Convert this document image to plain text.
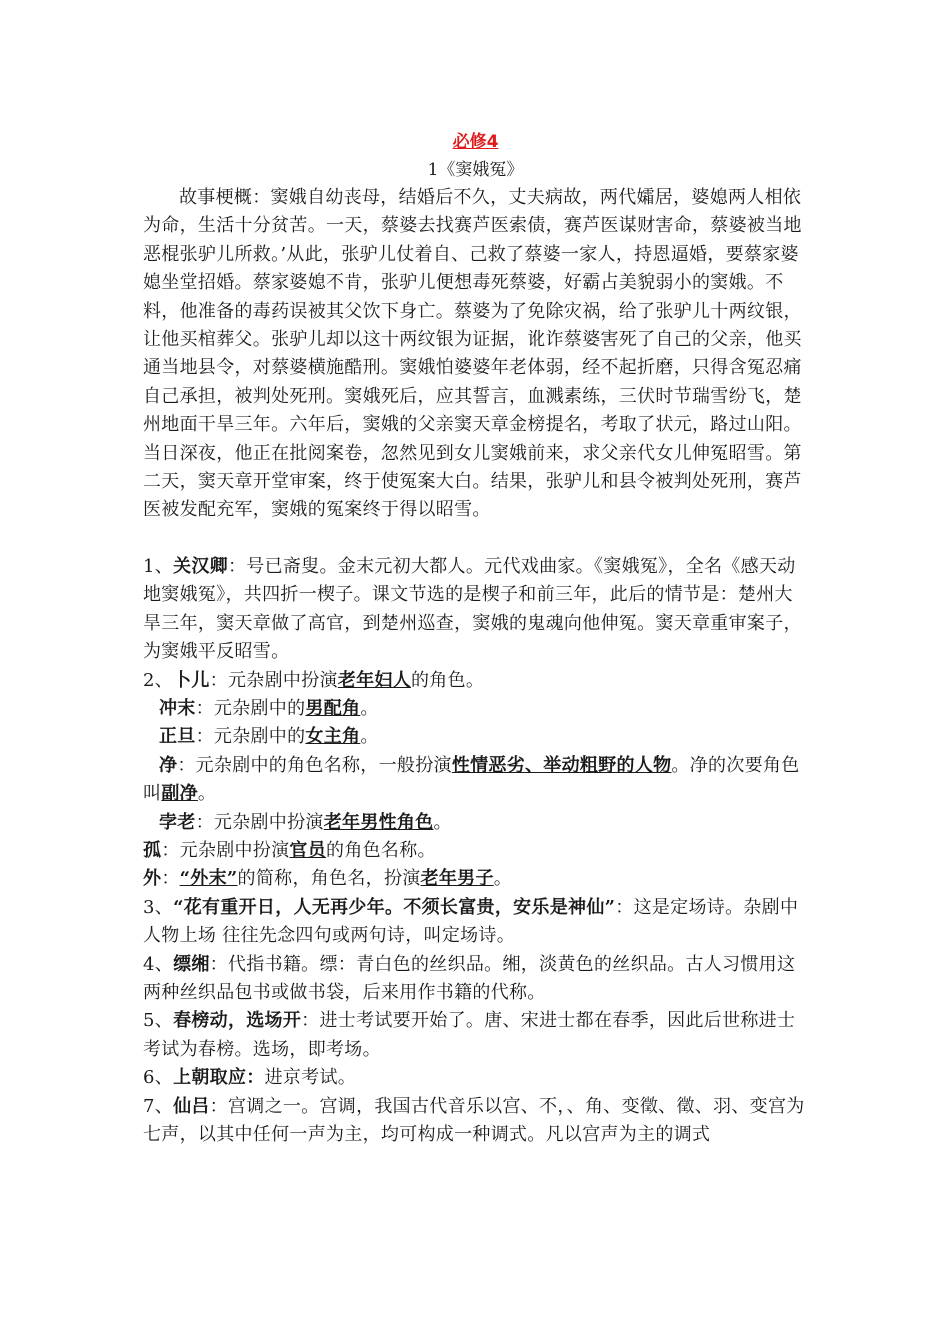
必修4
1《窦娥冤》

故事梗概：窦娥自幼丧母，结婚后不久，丈夫病故，两代孀居，婆媳两人相依为命，生活十分贫苦。一天，蔡婆去找赛芦医索债，赛芦医谋财害命，蔡婆被当地恶棍张驴儿所救。’从此，张驴儿仗着自、己救了蔡婆一家人，持恩逼婚，要蔡家婆媳坐堂招婚。蔡家婆媳不肯，张驴儿便想毒死蔡婆，好霸占美貌弱小的窦娥。不料，他准备的毒药误被其父饮下身亡。蔡婆为了免除灾祸，给了张驴儿十两纹银，让他买棺葬父。张驴儿却以这十两纹银为证据，讹诈蔡婆害死了自己的父亲，他买通当地县令，对蔡婆横施酷刑。窦娥怕婆婆年老体弱，经不起折磨，只得含冤忍痛自己承担，被判处死刑。窦娥死后，应其誓言，血溅素练，三伏时节瑞雪纷飞，楚州地面干旱三年。六年后，窦娥的父亲窦天章金榜提名，考取了状元，路过山阳。当日深夜，他正在批阅案卷，忽然见到女儿窦娥前来，求父亲代女儿伸冤昭雪。第二天，窦天章开堂审案，终于使冤案大白。结果，张驴儿和县令被判处死刑，赛芦医被发配充军，窦娥的冤案终于得以昭雪。

1、关汉卿：号已斋叟。金末元初大都人。元代戏曲家。《窦娥冤》，全名《感天动地窦娥冤》，共四折一楔子。课文节选的是楔子和前三年，此后的情节是：楚州大旱三年，窦天章做了高官，到楚州巡查，窦娥的鬼魂向他伸冤。窦天章重审案子，为窦娥平反昭雪。

2、卜儿：元杂剧中扮演老年妇人的角色。

冲末：元杂剧中的男配角。

正旦：元杂剧中的女主角。

净：元杂剧中的角色名称，一般扮演性情恶劣、举动粗野的人物。净的次要角色叫副净。

孛老：元杂剧中扮演老年男性角色。

孤：元杂剧中扮演官员的角色名称。

外：“外末”的简称，角色名，扮演老年男子。

3、“花有重开日，人无再少年。不须长富贵，安乐是神仙”：这是定场诗。杂剧中人物上场 往往先念四句或两句诗，叫定场诗。

4、缥缃：代指书籍。缥：青白色的丝织品。缃，淡黄色的丝织品。古人习惯用这两种丝织品包书或做书袋，后来用作书籍的代称。

5、春榜动，选场开：进士考试要开始了。唐、宋进士都在春季，因此后世称进士考试为春榜。选场，即考场。

6、上朝取应：进京考试。

7、仙吕：宫调之一。宫调，我国古代音乐以宫、不，、角、变徵、徵、羽、变宫为七声，以其中任何一声为主，均可构成一种调式。凡以宫声为主的调式
